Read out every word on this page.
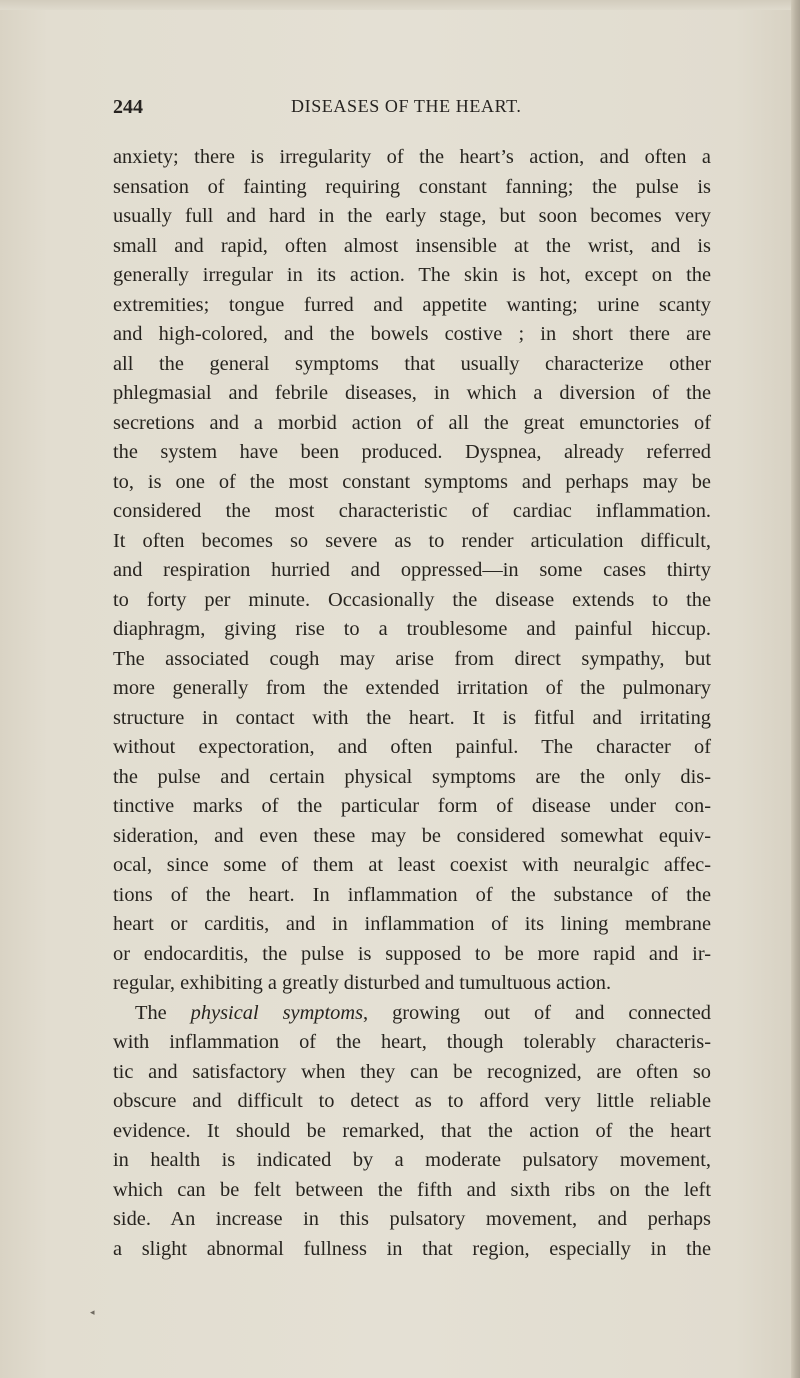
244	DISEASES OF THE HEART.
anxiety; there is irregularity of the heart’s action, and often a
sensation of fainting requiring constant fanning; the pulse is
usually full and hard in the early stage, but soon becomes very
small and rapid, often almost insensible at the wrist, and is
generally irregular in its action. The skin is hot, except on the
extremities; tongue furred and appetite wanting; urine scanty
and high-colored, and the bowels costive ; in short there are
all the general symptoms that usually characterize other
phlegmasial and febrile diseases, in which a diversion of the
secretions and a morbid action of all the great emunctories of
the system have been produced. Dyspnea, already referred
to, is one of the most constant symptoms and perhaps may be
considered the most characteristic of cardiac inflammation.
It often becomes so severe as to render articulation difficult,
and respiration hurried and oppressed—in some cases thirty
to forty per minute. Occasionally the disease extends to the
diaphragm, giving rise to a troublesome and painful hiccup.
The associated cough may arise from direct sympathy, but
more generally from the extended irritation of the pulmonary
structure in contact with the heart. It is fitful and irritating
without expectoration, and often painful. The character of
the pulse and certain physical symptoms are the only dis-
tinctive marks of the particular form of disease under con-
sideration, and even these may be considered somewhat equiv-
ocal, since some of them at least coexist with neuralgic affec-
tions of the heart. In inflammation of the substance of the
heart or carditis, and in inflammation of its lining membrane
or endocarditis, the pulse is supposed to be more rapid and ir-
regular, exhibiting a greatly disturbed and tumultuous action.
The physical symptoms, growing out of and connected
with inflammation of the heart, though tolerably characteris-
tic and satisfactory when they can be recognized, are often so
obscure and difficult to detect as to afford very little reliable
evidence. It should be remarked, that the action of the heart
in health is indicated by a moderate pulsatory movement,
which can be felt between the fifth and sixth ribs on the left
side. An increase in this pulsatory movement, and perhaps
a slight abnormal fullness in that region, especially in the
◂
